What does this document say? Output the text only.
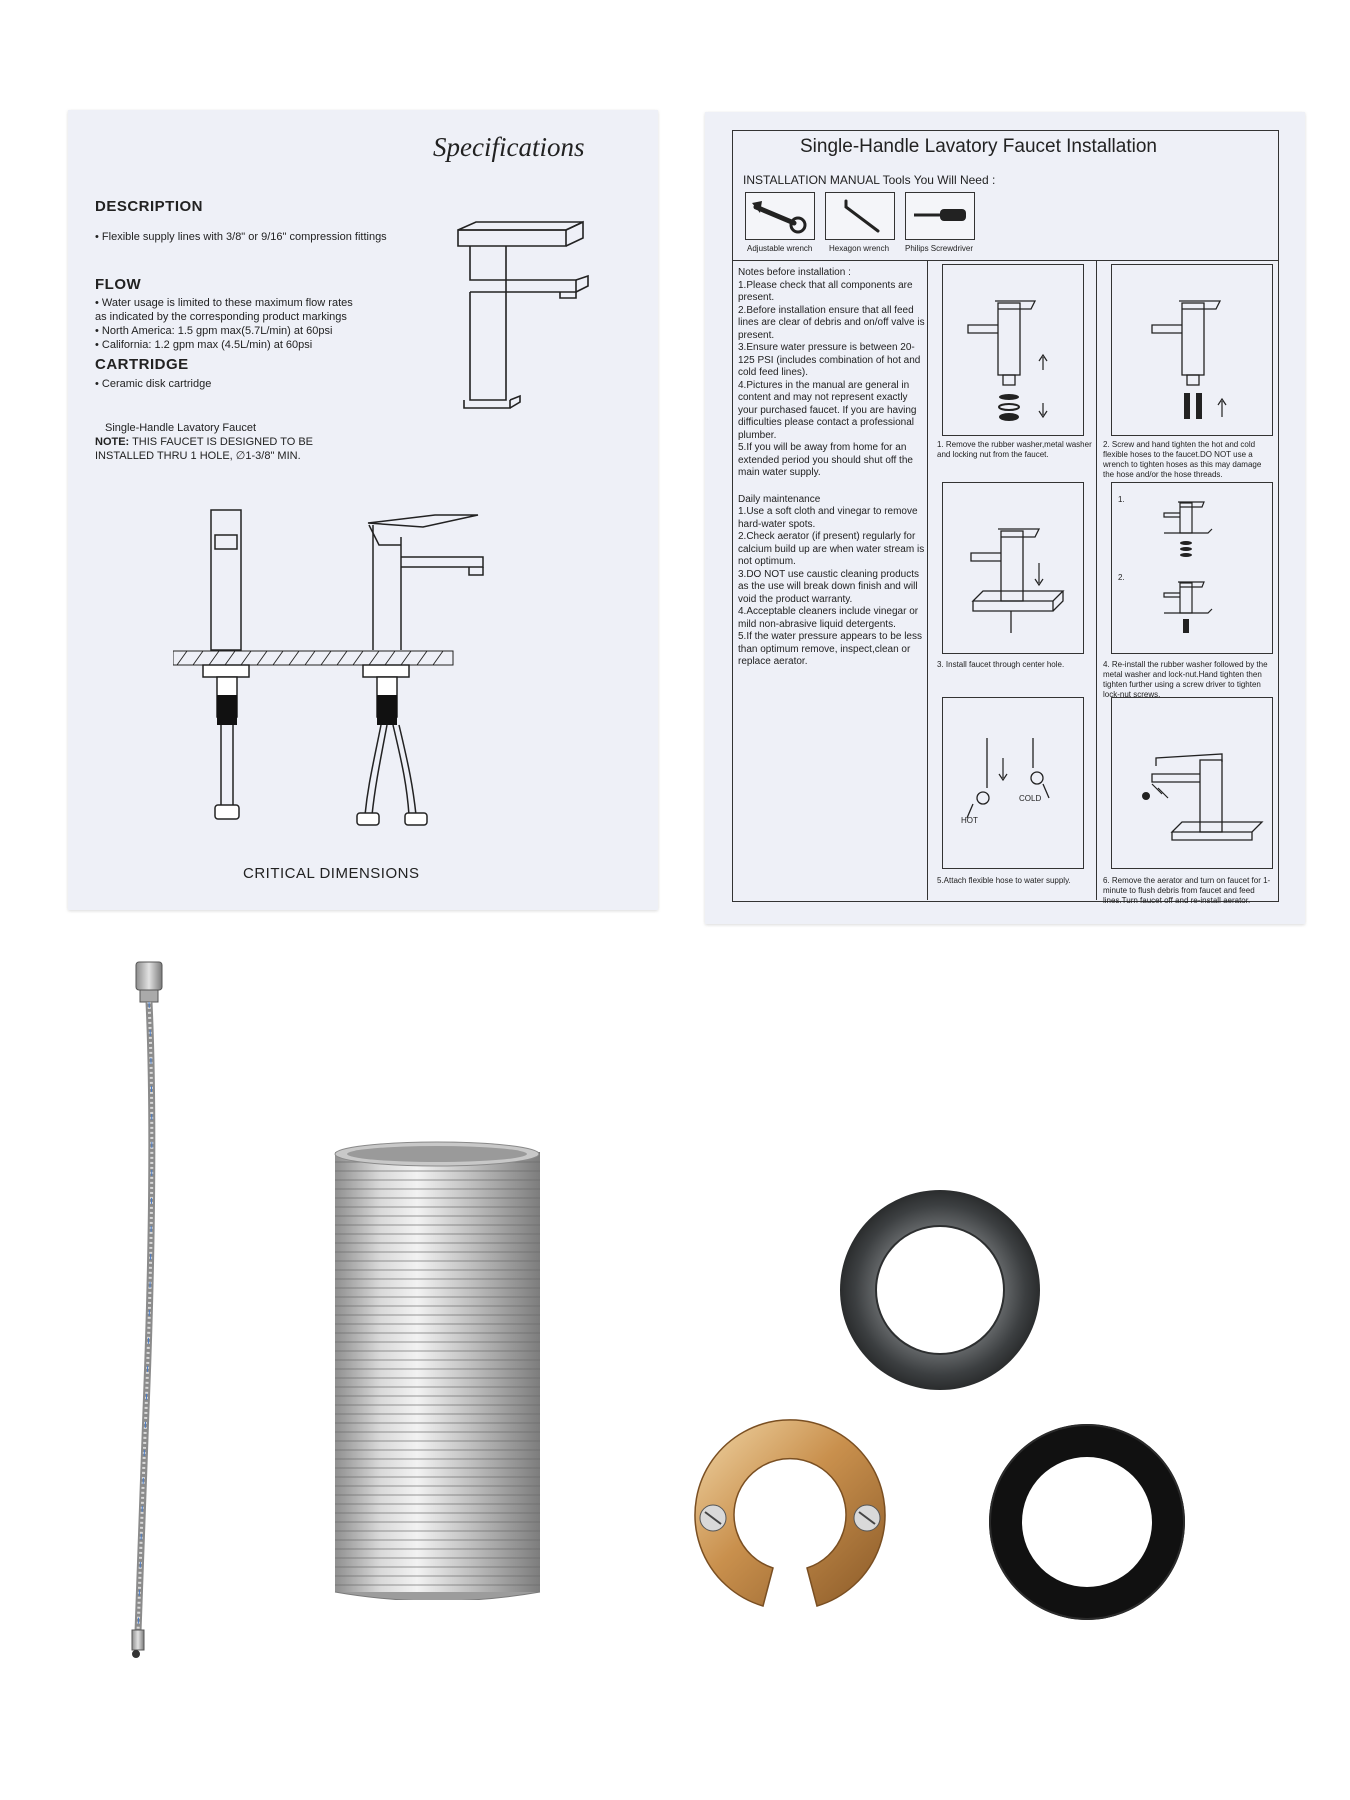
Specifications
DESCRIPTION
• Flexible supply lines with 3/8" or 9/16" compression fittings
FLOW
• Water usage is limited to these maximum flow rates
as indicated by the corresponding product markings
• North America: 1.5 gpm max(5.7L/min) at 60psi
• California: 1.2 gpm max (4.5L/min) at 60psi
CARTRIDGE
• Ceramic disk cartridge
Single-Handle Lavatory Faucet
NOTE: THIS FAUCET IS DESIGNED TO BE
INSTALLED THRU 1 HOLE, ∅1-3/8" MIN.
CRITICAL DIMENSIONS
Single-Handle Lavatory Faucet Installation
INSTALLATION MANUAL Tools You Will Need :
Adjustable wrench Hexagon wrench Philips Screwdriver

Notes before installation :

1.Please check that all components are present.

2.Before installation ensure that all feed lines are clear of debris and on/off valve is present.

3.Ensure water pressure is between 20-125 PSI (includes combination of hot and cold feed lines).

4.Pictures in the manual are general in content and may not represent exactly your purchased faucet. If you are having difficulties please contact a professional plumber.

5.If you will be away from home for an extended period you should shut off the main water supply.

Daily maintenance

1.Use a soft cloth and vinegar to remove hard-water spots.

2.Check aerator (if present) regularly for calcium build up are when water stream is not optimum.

3.DO NOT use caustic cleaning products as the use will break down finish and will void the product warranty.

4.Acceptable cleaners include vinegar or mild non-abrasive liquid detergents.

5.If the water pressure appears to be less than optimum remove, inspect,clean or replace aerator.

1. Remove the rubber washer,metal washer and locking nut from the faucet.
2. Screw and hand tighten the hot and cold flexible hoses to the faucet.DO NOT use a wrench to tighten hoses as this may damage the hose and/or the hose threads.
3. Install faucet through center hole.
1.
2.
4. Re-install the rubber washer followed by the metal washer and lock-nut.Hand tighten then tighten further using a screw driver to tighten lock-nut screws.
HOT
COLD
5.Attach flexible hose to water supply.	6. Remove the aerator and turn on faucet for 1-minute to flush debris from faucet and feed lines.Turn faucet off and re-install aerator.
